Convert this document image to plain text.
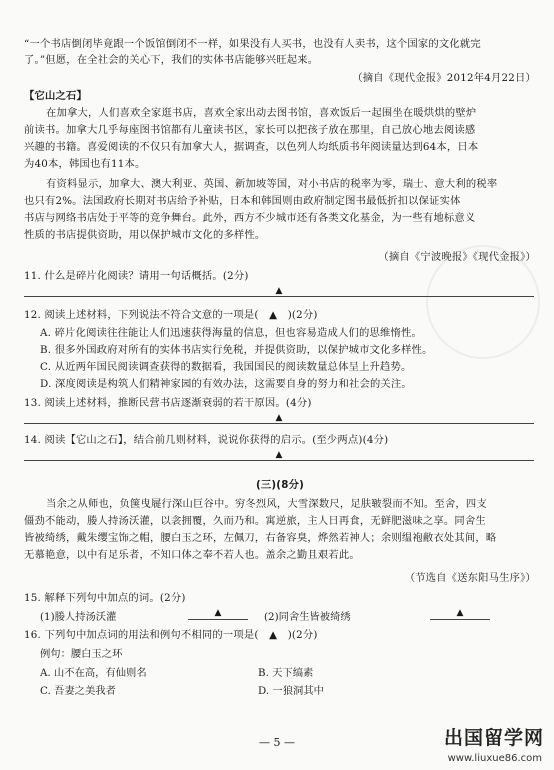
“一个书店倒闭毕竟跟一个饭馆倒闭不一样，如果没有人买书，也没有人卖书，这个国家的文化就完
了。”但愿，在全社会的关心下，我们的实体书店能够兴旺起来。
（摘自《现代金报》2012年4月22日）
【它山之石】
在加拿大，人们喜欢全家逛书店，喜欢全家出动去图书馆，喜欢饭后一起围坐在暖烘烘的壁炉
前读书。加拿大几乎每座图书馆都有儿童读书区，家长可以把孩子放在那里，自己放心地去阅读感
兴趣的书籍。喜爱阅读的不仅只有加拿大人，据调查，以色列人均纸质书年阅读量达到64本，日本
为40本，韩国也有11本。
有资料显示，加拿大、澳大利亚、英国、新加坡等国，对小书店的税率为零，瑞士、意大利的税率
也只有2%。法国政府长期对书店给予补贴，日本和韩国则由政府制定图书最低折扣以保证实体
书店与网络书店处于平等的竞争舞台。此外，西方不少城市还有各类文化基金，为一些有地标意义
性质的书店提供资助，用以保护城市文化的多样性。
（摘自《宁波晚报》《现代金报》）
11. 什么是碎片化阅读？请用一句话概括。(2分)
▲
12. 阅读上述材料，下列说法不符合文意的一项是(　▲　)(2分)
A. 碎片化阅读往往能让人们迅速获得海量的信息，但也容易造成人们的思维惰性。
B. 很多外国政府对所有的实体书店实行免税，并提供资助，以保护城市文化多样性。
C. 从近两年国民阅读调查获得的数据看，我国国民的阅读数量总体呈上升趋势。
D. 深度阅读是构筑人们精神家园的有效办法，这需要自身的努力和社会的关注。
13. 阅读上述材料，推断民营书店逐渐衰弱的若干原因。(4分)
▲
14. 阅读【它山之石】，结合前几则材料，说说你获得的启示。(至少两点)(4分)
▲
(三)(8分)
当余之从师也，负箧曳屣行深山巨谷中。穷冬烈风，大雪深数尺，足肤皲裂而不知。至舍，四支
僵劲不能动，媵人持汤沃灌，以衾拥覆，久而乃和。寓逆旅，主人日再食，无鲜肥滋味之享。同舍生
皆被绮绣，戴朱缨宝饰之帽，腰白玉之环，左佩刀，右备容臭，烨然若神人；余则缊袍敝衣处其间，略
无慕艳意，以中有足乐者，不知口体之奉不若人也。盖余之勤且艰若此。
（节选自《送东阳马生序》）
15. 解释下列句中加点的词。(2分)
(1)媵人持汤沃灌	▲	(2)同舍生皆被绮绣	▲
16. 下列句中加点词的用法和例句不相同的一项是(　▲　)(2分)
例句：腰白玉之环
A. 山不在高，有仙则名	B. 天下缟素
C. 吾妻之美我者	D. 一狼洞其中
— 5 —	出国留学网
www.liuxue86.com
